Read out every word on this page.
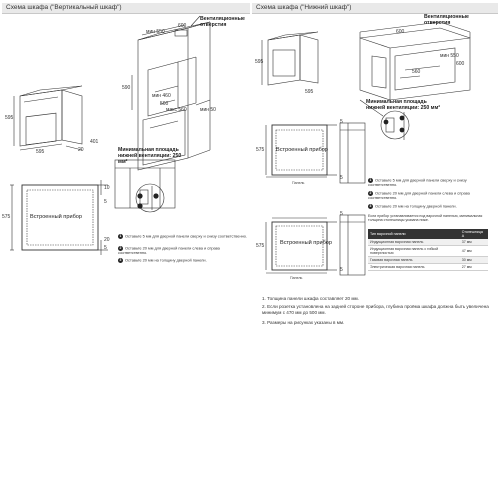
Схема шкафа ("Вертикальный шкаф")	Схема шкафа ("Нижний шкаф")
Вентиляционные отверстия
600
мин 550
590
мин 460
560
макс 560	мин 50
Минимальная площадь нижней вентиляции: 250 мм²
595
595	20
401
575
10
5
5
20
Встроенный прибор
1 Оставьте 5 мм для дверной панели сверху и снизу соответственно.
2 Оставьте 20 мм для дверной панели слева и справа соответственно.
3 Оставьте 20 мм на толщину дверной панели.
Вентиляционные отверстия
600
мин 550
560
600
595
595
Минимальная площадь нижней вентиляции: 250 мм²
575
5
5
Встроенный прибор
Панель
575
5
5
Встроенный прибор
Панель
1 Оставьте 5 мм для дверной панели сверху и снизу соответственно.
2 Оставьте 20 мм для дверной панели слева и справа соответственно.
3 Оставьте 20 мм на толщину дверной панели.
Если прибор устанавливается под варочной панелью, минимальная толщина столешницы указана ниже.
Тип варочной панели	Столешница A
Индукционная варочная панель	37 мм
Индукционная варочная панель с гибкой поверхностью	47 мм
Газовая варочная панель	30 мм
Электрическая варочная панель	27 мм
1. Толщина панели шкафа составляет 20 мм.
2. Если розетка установлена на задней стороне прибора, глубина проёма шкафа должна быть увеличена минимум с 470 мм до 500 мм.
3. Размеры на рисунках указаны в мм.
